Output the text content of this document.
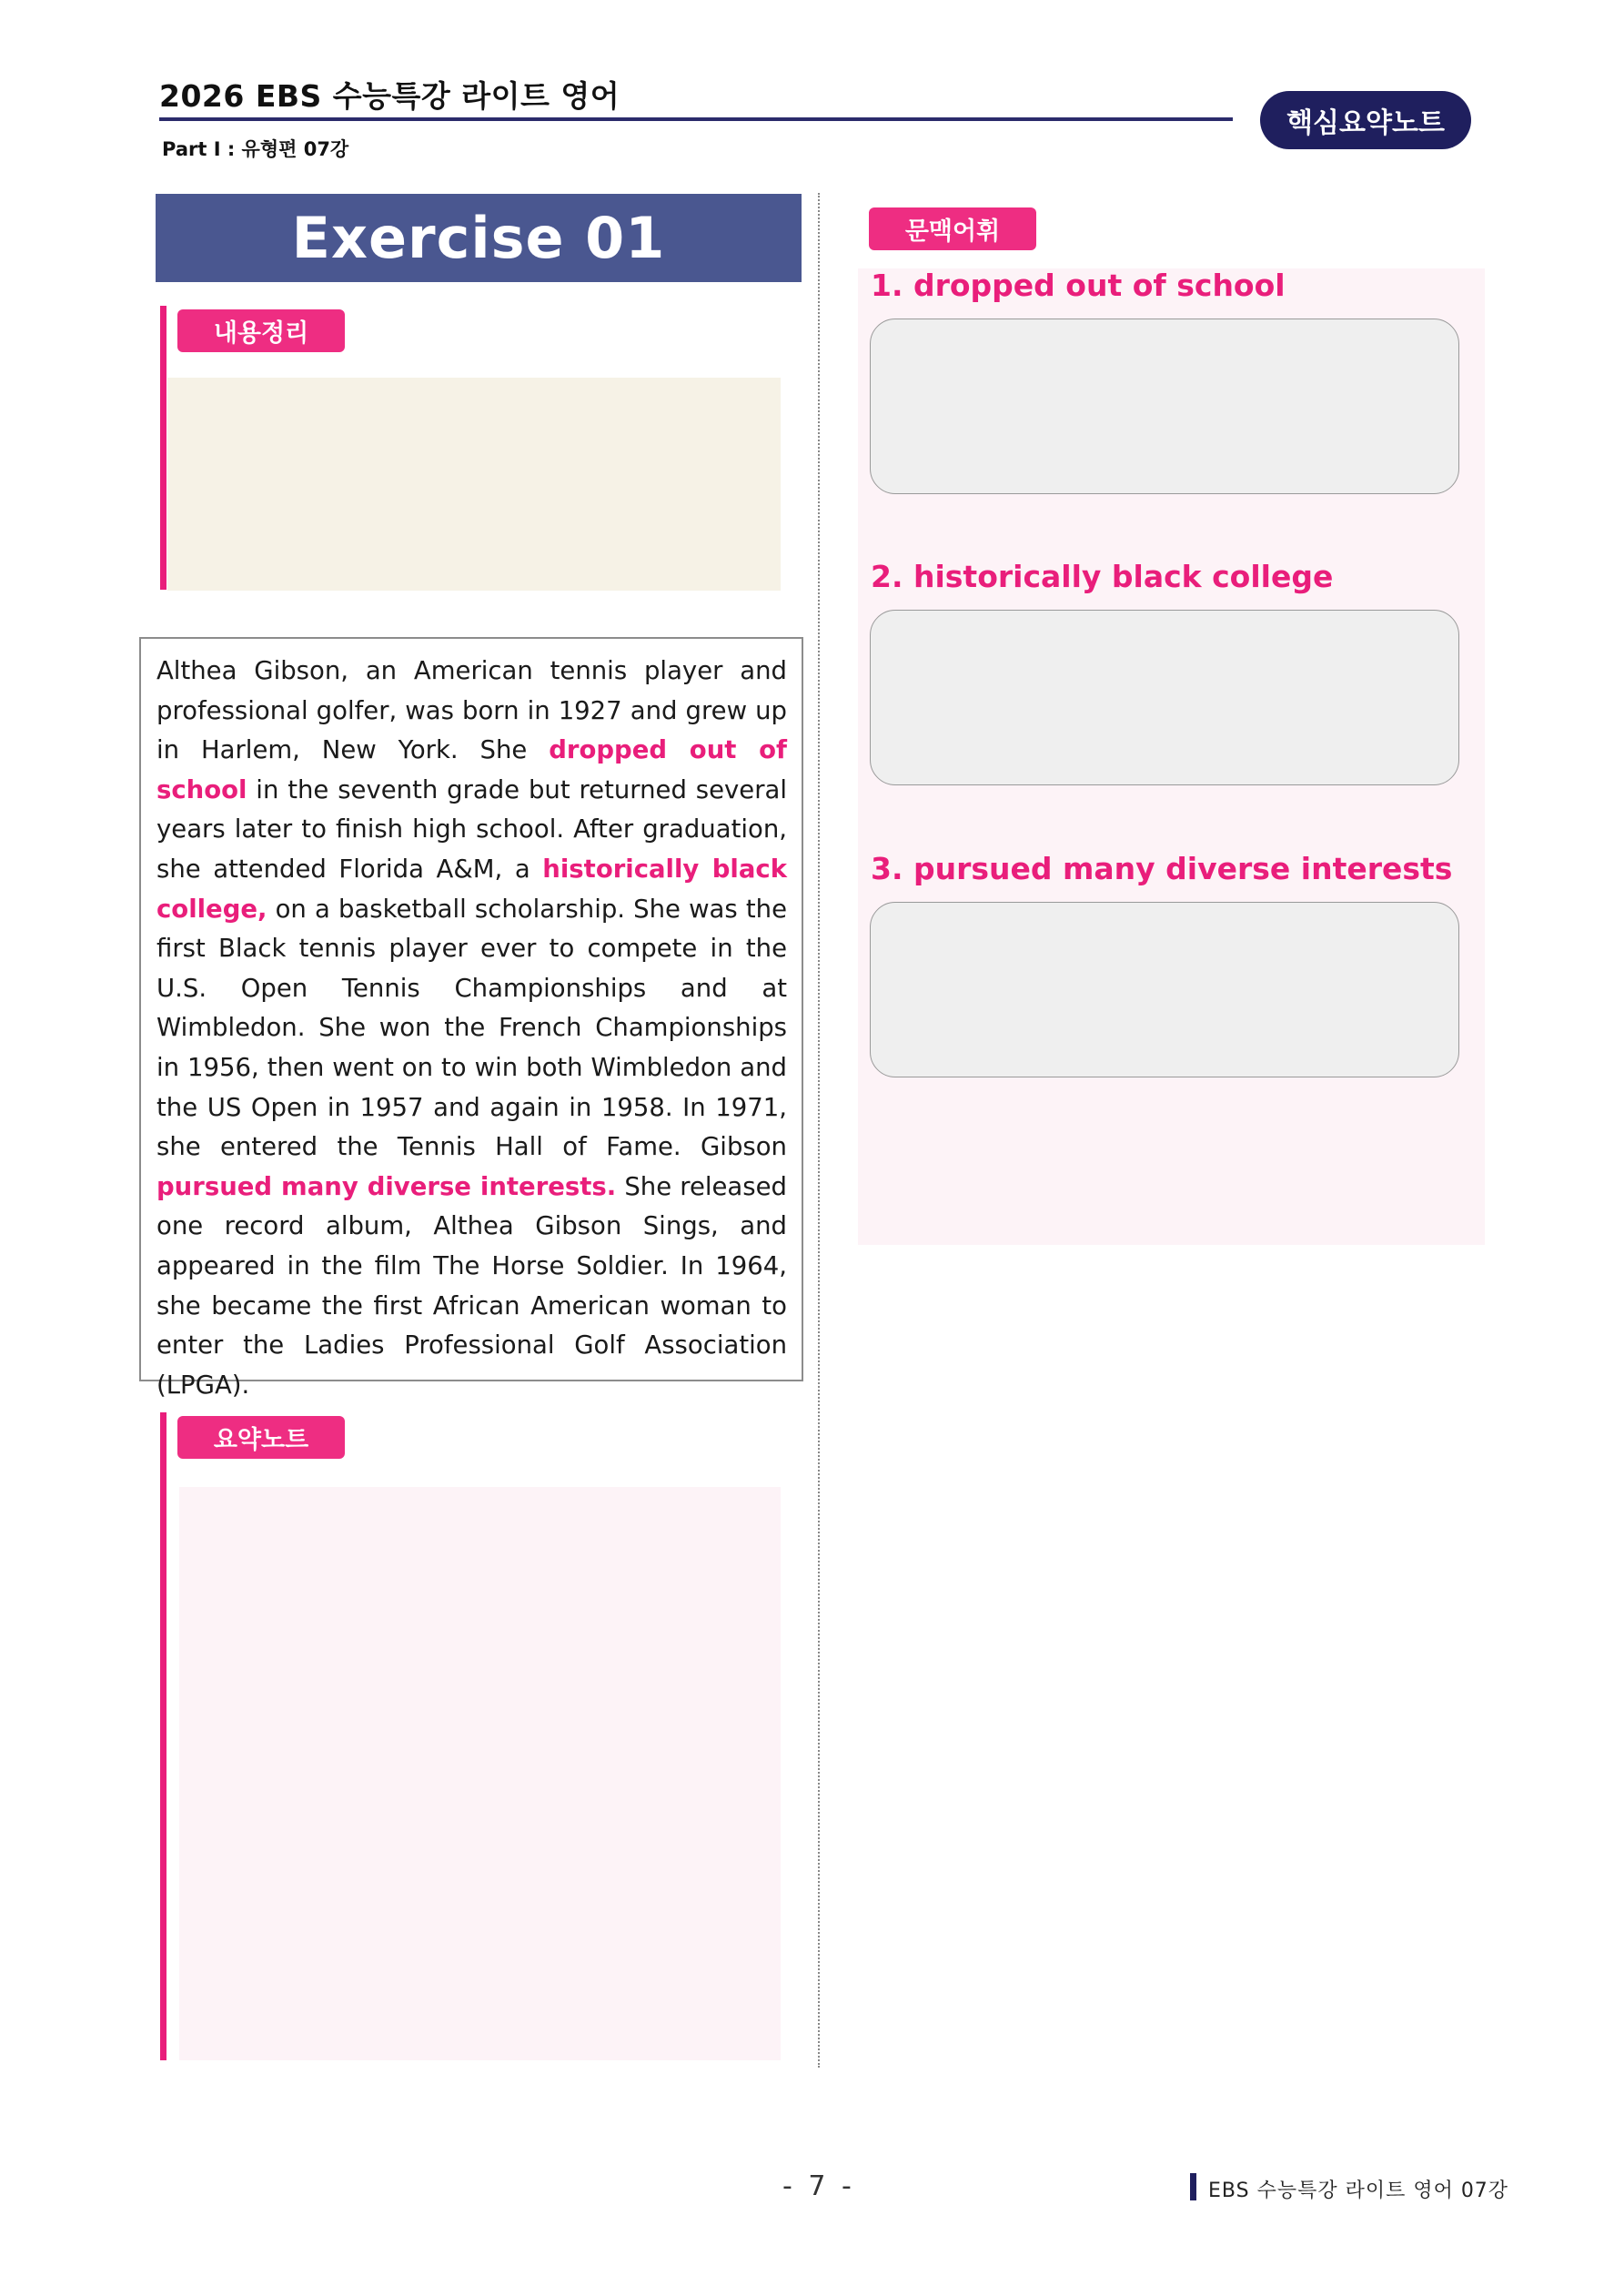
2026 EBS 수능특강 라이트 영어
Part Ⅰ : 유형편 07강
핵심요약노트
Exercise 01
내용정리
Althea Gibson, an American tennis player and professional golfer, was born in 1927 and grew up in Harlem, New York. She dropped out of school in the seventh grade but returned several years later to finish high school. After graduation, she attended Florida A&M, a historically black college, on a basketball scholarship. She was the first Black tennis player ever to compete in the U.S. Open Tennis Championships and at Wimbledon. She won the French Championships in 1956, then went on to win both Wimbledon and the US Open in 1957 and again in 1958. In 1971, she entered the Tennis Hall of Fame. Gibson pursued many diverse interests. She released one record album, Althea Gibson Sings, and appeared in the film The Horse Soldier. In 1964, she became the first African American woman to enter the Ladies Professional Golf Association (LPGA).
요약노트
문맥어휘
1. dropped out of school
2. historically black college
3. pursued many diverse interests
- 7 -	EBS 수능특강 라이트 영어 07강
